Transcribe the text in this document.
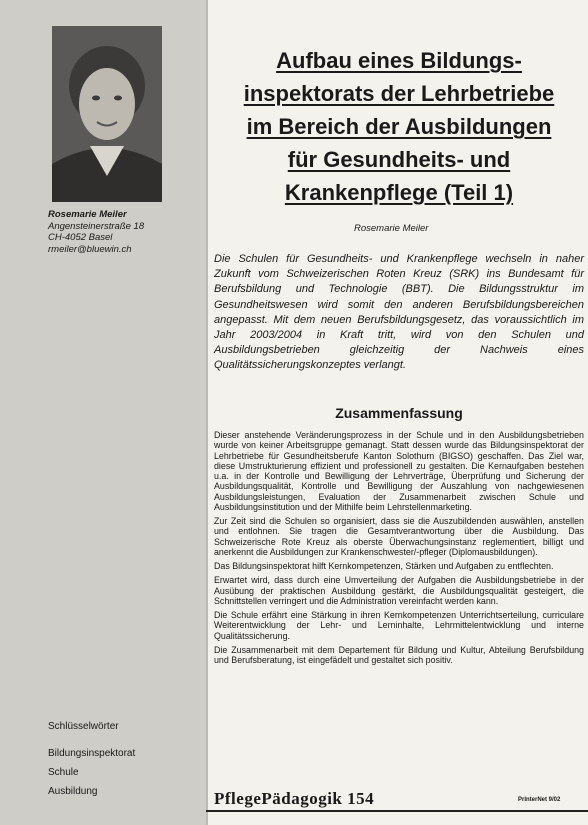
Rosemarie Meiler
Angensteinerstraße 18
CH-4052 Basel
rmeiler@bluewin.ch
Schlüsselwörter
Bildungsinspektorat
Schule
Ausbildung
Aufbau eines Bildungs-
inspektorats der Lehrbetriebe
im Bereich der Ausbildungen
für Gesundheits- und
Krankenpflege (Teil 1)
Rosemarie Meiler

Die Schulen für Gesundheits- und Krankenpflege wechseln in naher Zukunft vom Schweizerischen Roten Kreuz (SRK) ins Bundesamt für Berufsbildung und Technologie (BBT). Die Bildungsstruktur im Gesundheitswesen wird somit den anderen Berufsbildungsbereichen angepasst. Mit dem neuen Berufsbildungsgesetz, das voraussichtlich im Jahr 2003/2004 in Kraft tritt, wird von den Schulen und Ausbildungsbetrieben gleichzeitig der Nachweis eines Qualitätssicherungskonzeptes verlangt.

Zusammenfassung

Dieser anstehende Veränderungsprozess in der Schule und in den Ausbildungsbetrieben wurde von keiner Arbeitsgruppe gemanagt. Statt dessen wurde das Bildungsinspektorat der Lehrbetriebe für Gesundheitsberufe Kanton Solothurn (BIGSO) geschaffen. Das Ziel war, diese Umstrukturierung effizient und professionell zu gestalten. Die Kernaufgaben bestehen u.a. in der Kontrolle und Bewilligung der Lehrverträge, Überprüfung und Sicherung der Ausbildungsqualität, Kontrolle und Bewilligung der Auszahlung von nachgewiesenen Ausbildungsleistungen, Evaluation der Zusammenarbeit zwischen Schule und Ausbildungsinstitution und der Mithilfe beim Lehrstellenmarketing.

Zur Zeit sind die Schulen so organisiert, dass sie die Auszubildenden auswählen, anstellen und entlohnen. Sie tragen die Gesamtverantwortung über die Ausbildung. Das Schweizerische Rote Kreuz als oberste Überwachungsinstanz reglementiert, billigt und anerkennt die Ausbildungen zur Krankenschwester/-pfleger (Diplomausbildungen).

Das Bildungsinspektorat hilft Kernkompetenzen, Stärken und Aufgaben zu entflechten.

Erwartet wird, dass durch eine Umverteilung der Aufgaben die Ausbildungsbetriebe in der Ausübung der praktischen Ausbildung gestärkt, die Ausbildungsqualität gesteigert, die Schnittstellen verringert und die Administration vereinfacht werden kann.

Die Schule erfährt eine Stärkung in ihren Kernkompetenzen Unterrichtserteilung, curriculare Weiterentwicklung der Lehr- und Lerninhalte, Lehrmittelentwicklung und interne Qualitätssicherung.

Die Zusammenarbeit mit dem Departement für Bildung und Kultur, Abteilung Berufsbildung und Berufsberatung, ist eingefädelt und gestaltet sich positiv.

PflegePädagogik 154	PrInterNet 9/02
